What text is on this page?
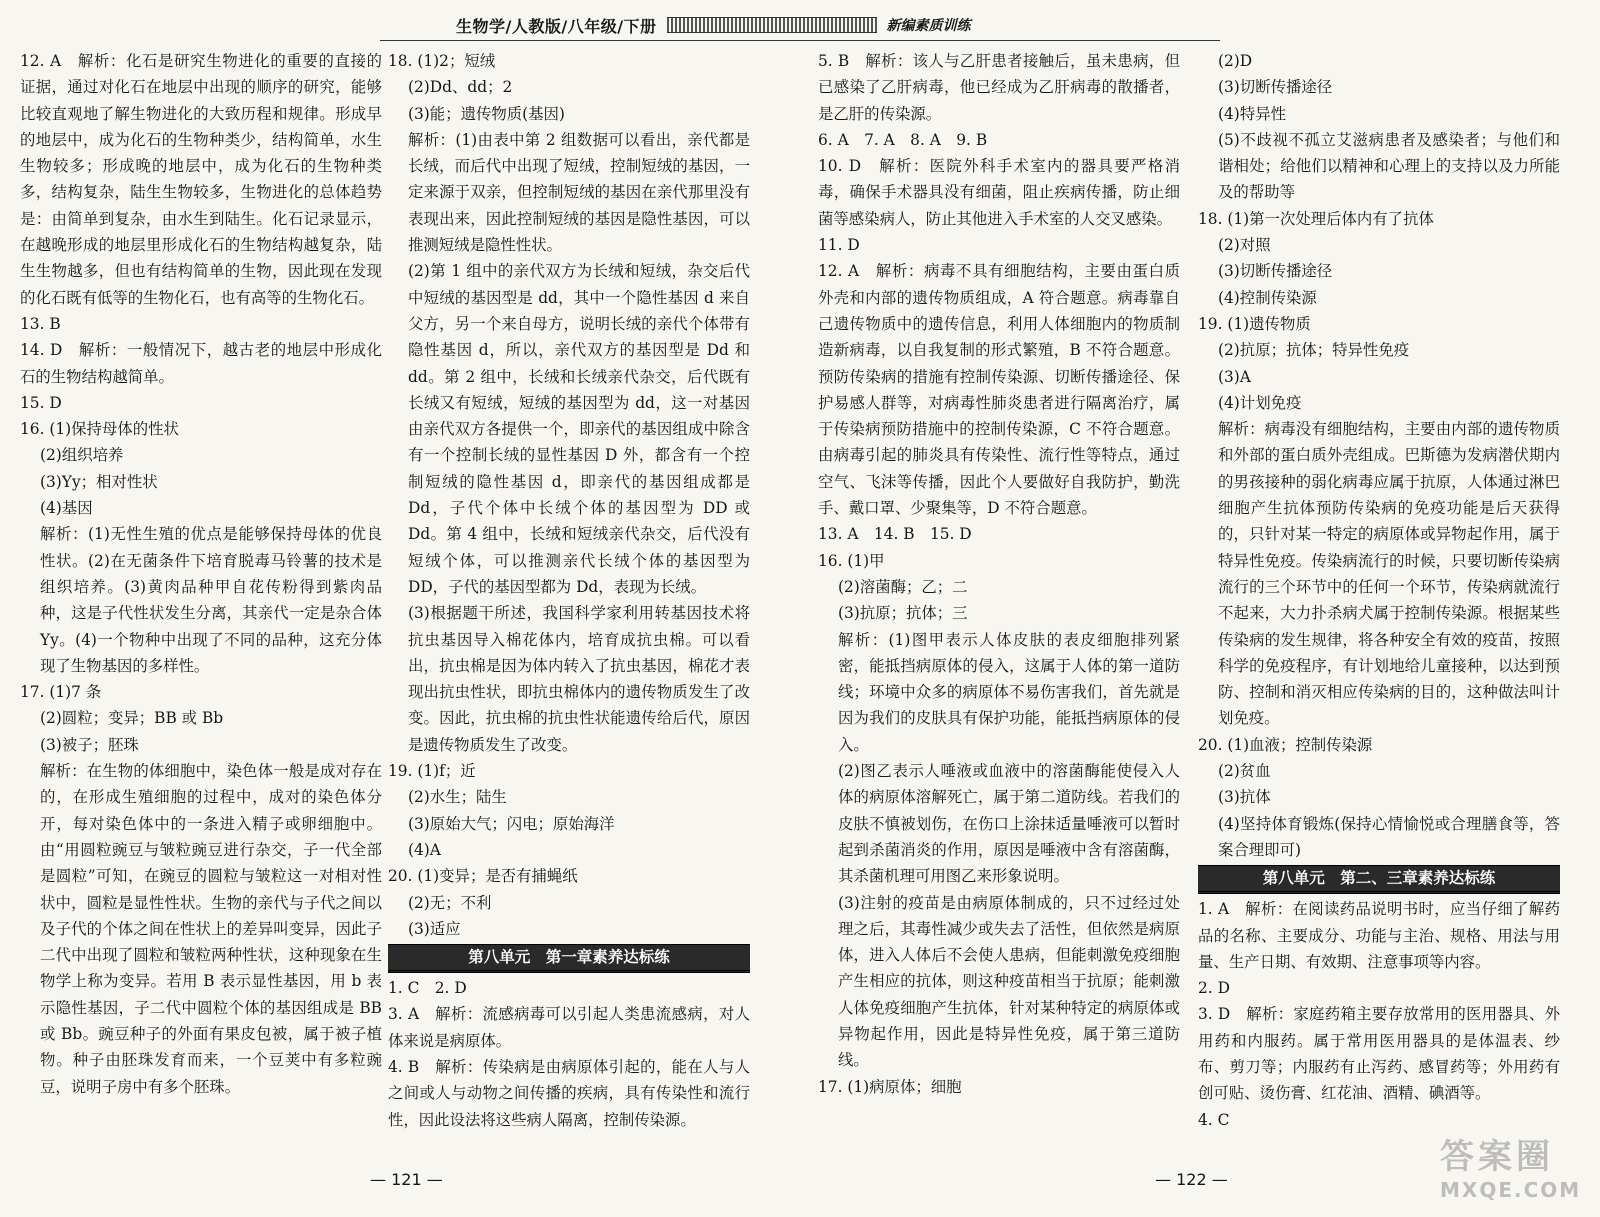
生物学/人教版/八年级/下册	新编素质训练

12. A　解析：化石是研究生物进化的重要的直接的证据，通过对化石在地层中出现的顺序的研究，能够比较直观地了解生物进化的大致历程和规律。形成早的地层中，成为化石的生物种类少，结构简单，水生生物较多；形成晚的地层中，成为化石的生物种类多，结构复杂，陆生生物较多，生物进化的总体趋势是：由简单到复杂，由水生到陆生。化石记录显示，在越晚形成的地层里形成化石的生物结构越复杂，陆生生物越多，但也有结构简单的生物，因此现在发现的化石既有低等的生物化石，也有高等的生物化石。

13. B

14. D　解析：一般情况下，越古老的地层中形成化石的生物结构越简单。

15. D

16. (1)保持母体的性状

(2)组织培养

(3)Yy；相对性状

(4)基因

解析：(1)无性生殖的优点是能够保持母体的优良性状。(2)在无菌条件下培育脱毒马铃薯的技术是组织培养。(3)黄肉品种甲自花传粉得到紫肉品种，这是子代性状发生分离，其亲代一定是杂合体 Yy。(4)一个物种中出现了不同的品种，这充分体现了生物基因的多样性。

17. (1)7 条

(2)圆粒；变异；BB 或 Bb

(3)被子；胚珠

解析：在生物的体细胞中，染色体一般是成对存在的，在形成生殖细胞的过程中，成对的染色体分开，每对染色体中的一条进入精子或卵细胞中。由“用圆粒豌豆与皱粒豌豆进行杂交，子一代全部是圆粒”可知，在豌豆的圆粒与皱粒这一对相对性状中，圆粒是显性性状。生物的亲代与子代之间以及子代的个体之间在性状上的差异叫变异，因此子二代中出现了圆粒和皱粒两种性状，这种现象在生物学上称为变异。若用 B 表示显性基因，用 b 表示隐性基因，子二代中圆粒个体的基因组成是 BB 或 Bb。豌豆种子的外面有果皮包被，属于被子植物。种子由胚珠发育而来，一个豆荚中有多粒豌豆，说明子房中有多个胚珠。

18. (1)2；短绒

(2)Dd、dd；2

(3)能；遗传物质(基因)

解析：(1)由表中第 2 组数据可以看出，亲代都是长绒，而后代中出现了短绒，控制短绒的基因，一定来源于双亲，但控制短绒的基因在亲代那里没有表现出来，因此控制短绒的基因是隐性基因，可以推测短绒是隐性性状。

(2)第 1 组中的亲代双方为长绒和短绒，杂交后代中短绒的基因型是 dd，其中一个隐性基因 d 来自父方，另一个来自母方，说明长绒的亲代个体带有隐性基因 d，所以，亲代双方的基因型是 Dd 和 dd。第 2 组中，长绒和长绒亲代杂交，后代既有长绒又有短绒，短绒的基因型为 dd，这一对基因由亲代双方各提供一个，即亲代的基因组成中除含有一个控制长绒的显性基因 D 外，都含有一个控制短绒的隐性基因 d，即亲代的基因组成都是 Dd，子代个体中长绒个体的基因型为 DD 或 Dd。第 4 组中，长绒和短绒亲代杂交，后代没有短绒个体，可以推测亲代长绒个体的基因型为 DD，子代的基因型都为 Dd，表现为长绒。

(3)根据题干所述，我国科学家利用转基因技术将抗虫基因导入棉花体内，培育成抗虫棉。可以看出，抗虫棉是因为体内转入了抗虫基因，棉花才表现出抗虫性状，即抗虫棉体内的遗传物质发生了改变。因此，抗虫棉的抗虫性状能遗传给后代，原因是遗传物质发生了改变。

19. (1)f；近

(2)水生；陆生

(3)原始大气；闪电；原始海洋

(4)A

20. (1)变异；是否有捕蝇纸

(2)无；不利

(3)适应

第八单元　第一章素养达标练

1. C　2. D

3. A　解析：流感病毒可以引起人类患流感病，对人体来说是病原体。

4. B　解析：传染病是由病原体引起的，能在人与人之间或人与动物之间传播的疾病，具有传染性和流行性，因此设法将这些病人隔离，控制传染源。

5. B　解析：该人与乙肝患者接触后，虽未患病，但已感染了乙肝病毒，他已经成为乙肝病毒的散播者，是乙肝的传染源。

6. A　7. A　8. A　9. B

10. D　解析：医院外科手术室内的器具要严格消毒，确保手术器具没有细菌，阻止疾病传播，防止细菌等感染病人，防止其他进入手术室的人交叉感染。

11. D

12. A　解析：病毒不具有细胞结构，主要由蛋白质外壳和内部的遗传物质组成，A 符合题意。病毒靠自己遗传物质中的遗传信息，利用人体细胞内的物质制造新病毒，以自我复制的形式繁殖，B 不符合题意。预防传染病的措施有控制传染源、切断传播途径、保护易感人群等，对病毒性肺炎患者进行隔离治疗，属于传染病预防措施中的控制传染源，C 不符合题意。由病毒引起的肺炎具有传染性、流行性等特点，通过空气、飞沫等传播，因此个人要做好自我防护，勤洗手、戴口罩、少聚集等，D 不符合题意。

13. A　14. B　15. D

16. (1)甲

(2)溶菌酶；乙；二

(3)抗原；抗体；三

解析：(1)图甲表示人体皮肤的表皮细胞排列紧密，能抵挡病原体的侵入，这属于人体的第一道防线；环境中众多的病原体不易伤害我们，首先就是因为我们的皮肤具有保护功能，能抵挡病原体的侵入。

(2)图乙表示人唾液或血液中的溶菌酶能使侵入人体的病原体溶解死亡，属于第二道防线。若我们的皮肤不慎被划伤，在伤口上涂抹适量唾液可以暂时起到杀菌消炎的作用，原因是唾液中含有溶菌酶，其杀菌机理可用图乙来形象说明。

(3)注射的疫苗是由病原体制成的，只不过经过处理之后，其毒性减少或失去了活性，但依然是病原体，进入人体后不会使人患病，但能刺激免疫细胞产生相应的抗体，则这种疫苗相当于抗原；能刺激人体免疫细胞产生抗体，针对某种特定的病原体或异物起作用，因此是特异性免疫，属于第三道防线。

17. (1)病原体；细胞

(2)D

(3)切断传播途径

(4)特异性

(5)不歧视不孤立艾滋病患者及感染者；与他们和谐相处；给他们以精神和心理上的支持以及力所能及的帮助等

18. (1)第一次处理后体内有了抗体

(2)对照

(3)切断传播途径

(4)控制传染源

19. (1)遗传物质

(2)抗原；抗体；特异性免疫

(3)A

(4)计划免疫

解析：病毒没有细胞结构，主要由内部的遗传物质和外部的蛋白质外壳组成。巴斯德为发病潜伏期内的男孩接种的弱化病毒应属于抗原，人体通过淋巴细胞产生抗体预防传染病的免疫功能是后天获得的，只针对某一特定的病原体或异物起作用，属于特异性免疫。传染病流行的时候，只要切断传染病流行的三个环节中的任何一个环节，传染病就流行不起来，大力扑杀病犬属于控制传染源。根据某些传染病的发生规律，将各种安全有效的疫苗，按照科学的免疫程序，有计划地给儿童接种，以达到预防、控制和消灭相应传染病的目的，这种做法叫计划免疫。

20. (1)血液；控制传染源

(2)贫血

(3)抗体

(4)坚持体育锻炼(保持心情愉悦或合理膳食等，答案合理即可)

第八单元　第二、三章素养达标练

1. A　解析：在阅读药品说明书时，应当仔细了解药品的名称、主要成分、功能与主治、规格、用法与用量、生产日期、有效期、注意事项等内容。

2. D

3. D　解析：家庭药箱主要存放常用的医用器具、外用药和内服药。属于常用医用器具的是体温表、纱布、剪刀等；内服药有止泻药、感冒药等；外用药有创可贴、烫伤膏、红花油、酒精、碘酒等。

4. C

— 121 —	— 122 —
答案圈
MXQE.COM
